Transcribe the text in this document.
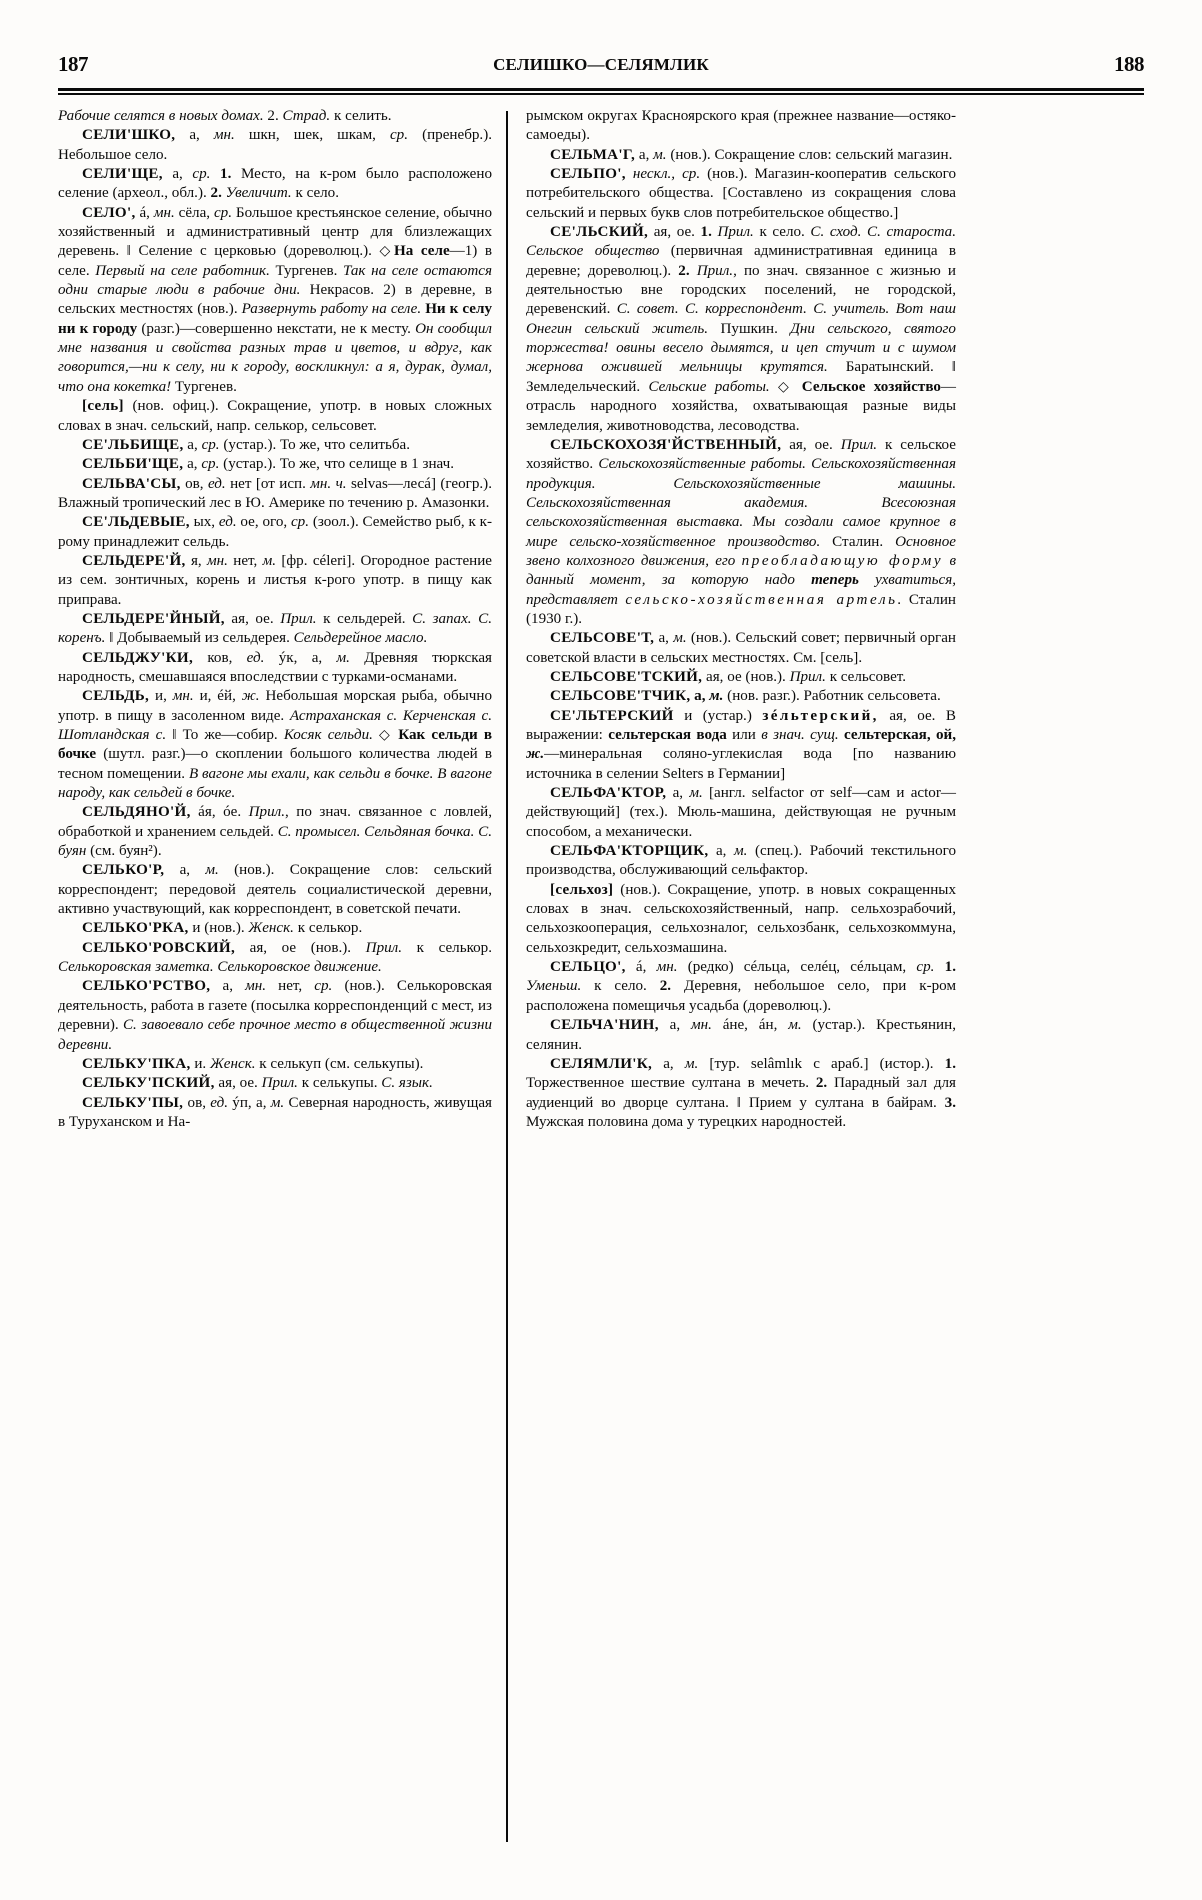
187	СЕЛИШКО—СЕЛЯМЛИК	188

Рабочие селятся в новых домах. 2. Страд. к селить.

СЕЛИ'ШКО, а, мн. шкн, шек, шкам, ср. (пренебр.). Небольшое село.

СЕЛИ'ЩЕ, а, ср. 1. Место, на к-ром было расположено селение (археол., обл.). 2. Увеличит. к село.

СЕЛО', á, мн. сёла, ср. Большое крестьянское селение, обычно хозяйственный и административный центр для близлежащих деревень. ‖ Селение с церковью (дореволюц.). ◇На селе—1) в селе. Первый на селе работник. Тургенев. Так на селе остаются одни старые люди в рабочие дни. Некрасов. 2) в деревне, в сельских местностях (нов.). Развернуть работу на селе. Ни к селу ни к городу (разг.)—совершенно некстати, не к месту. Он сообщил мне названия и свойства разных трав и цветов, и вдруг, как говорится,—ни к селу, ни к городу, воскликнул: а я, дурак, думал, что она кокетка! Тургенев.

[сель] (нов. офиц.). Сокращение, употр. в новых сложных словах в знач. сельский, напр. селькор, сельсовет.

СЕ'ЛЬБИЩЕ, а, ср. (устар.). То же, что селитьба.

СЕЛЬБИ'ЩЕ, а, ср. (устар.). То же, что селище в 1 знач.

СЕЛЬВА'СЫ, ов, ед. нет [от исп. мн. ч. selvas—лесá] (геогр.). Влажный тропический лес в Ю. Америке по течению р. Амазонки.

СЕ'ЛЬДЕВЫЕ, ых, ед. ое, ого, ср. (зоол.). Семейство рыб, к к-рому принадлежит сельдь.

СЕЛЬДЕРЕ'Й, я, мн. нет, м. [фр. céleri]. Огородное растение из сем. зонтичных, корень и листья к-рого употр. в пищу как приправа.

СЕЛЬДЕРЕ'ЙНЫЙ, ая, ое. Прил. к сельдерей. С. запах. С. коренъ. ‖ Добываемый из сельдерея. Сельдерейное масло.

СЕЛЬДЖУ'КИ, ков, ед. ýк, а, м. Древняя тюркская народность, смешавшаяся впоследствии с турками-османами.

СЕЛЬДЬ, и, мн. и, éй, ж. Небольшая морская рыба, обычно употр. в пищу в засоленном виде. Астраханская с. Керченская с. Шотландская с. ‖ То же—собир. Косяк сельди. ◇ Как сельди в бочке (шутл. разг.)—о скоплении большого количества людей в тесном помещении. В вагоне мы ехали, как сельди в бочке. В вагоне народу, как сельдей в бочке.

СЕЛЬДЯНО'Й, áя, óе. Прил., по знач. связанное с ловлей, обработкой и хранением сельдей. С. промысел. Сельдяная бочка. С. буян (см. буян²).

СЕЛЬКО'Р, а, м. (нов.). Сокращение слов: сельский корреспондент; передовой деятель социалистической деревни, активно участвующий, как корреспондент, в советской печати.

СЕЛЬКО'РКА, и (нов.). Женск. к селькор.

СЕЛЬКО'РОВСКИЙ, ая, ое (нов.). Прил. к селькор. Селькоровская заметка. Селькоровское движение.

СЕЛЬКО'РСТВО, а, мн. нет, ср. (нов.). Селькоровская деятельность, работа в газете (посылка корреспонденций с мест, из деревни). С. завоевало себе прочное место в общественной жизни деревни.

СЕЛЬКУ'ПКА, и. Женск. к селькуп (см. селькупы).

СЕЛЬКУ'ПСКИЙ, ая, ое. Прил. к селькупы. С. язык.

СЕЛЬКУ'ПЫ, ов, ед. ýп, а, м. Северная народность, живущая в Туруханском и На-

рымском округах Красноярского края (прежнее название—остяко-самоеды).

СЕЛЬМА'Г, а, м. (нов.). Сокращение слов: сельский магазин.

СЕЛЬПО', нескл., ср. (нов.). Магазин-кооператив сельского потребительского общества. [Составлено из сокращения слова сельский и первых букв слов потребительское общество.]

СЕ'ЛЬСКИЙ, ая, ое. 1. Прил. к село. С. сход. С. староста. Сельское общество (первичная административная единица в деревне; дореволюц.). 2. Прил., по знач. связанное с жизнью и деятельностью вне городских поселений, не городской, деревенский. С. совет. С. корреспондент. С. учитель. Вот наш Онегин сельский житель. Пушкин. Дни сельского, святого торжества! овины весело дымятся, и цеп стучит и с шумом жернова ожившей мельницы крутятся. Баратынский. ‖ Земледельческий. Сельские работы. ◇ Сельское хозяйство—отрасль народного хозяйства, охватывающая разные виды земледелия, животноводства, лесоводства.

СЕЛЬСКОХОЗЯ'ЙСТВЕННЫЙ, ая, ое. Прил. к сельское хозяйство. Сельскохозяйственные работы. Сельскохозяйственная продукция. Сельскохозяйственные машины. Сельскохозяйственная академия. Всесоюзная сельскохозяйственная выставка. Мы создали самое крупное в мире сельско-хозяйственное производство. Сталин. Основное звено колхозного движения, его преобладающую форму в данный момент, за которую надо теперь ухватиться, представляет сельско-хозяйственная артель. Сталин (1930 г.).

СЕЛЬСОВЕ'Т, а, м. (нов.). Сельский совет; первичный орган советской власти в сельских местностях. См. [сель].

СЕЛЬСОВЕ'ТСКИЙ, ая, ое (нов.). Прил. к сельсовет.

СЕЛЬСОВЕ'ТЧИК, а, м. (нов. разг.). Работник сельсовета.

СЕ'ЛЬТЕРСКИЙ и (устар.) зéльтерский, ая, ое. В выражении: сельтерская вода или в знач. сущ. сельтерская, ой, ж.—минеральная соляно-углекислая вода [по названию источника в селении Selters в Германии]

СЕЛЬФА'КТОР, а, м. [англ. selfactor от self—сам и actor—действующий] (тех.). Мюль-машина, действующая не ручным способом, а механически.

СЕЛЬФА'КТОРЩИК, а, м. (спец.). Рабочий текстильного производства, обслуживающий сельфактор.

[сельхоз] (нов.). Сокращение, употр. в новых сокращенных словах в знач. сельскохозяйственный, напр. сельхозрабочий, сельхозкооперация, сельхозналог, сельхозбанк, сельхозкоммуна, сельхозкредит, сельхозмашина.

СЕЛЬЦО', á, мн. (редко) сéльца, селéц, сéльцам, ср. 1. Уменьш. к село. 2. Деревня, небольшое село, при к-ром расположена помещичья усадьба (дореволюц.).

СЕЛЬЧА'НИН, а, мн. áне, áн, м. (устар.). Крестьянин, селянин.

СЕЛЯМЛИ'К, а, м. [тур. selâmlık с араб.] (истор.). 1. Торжественное шествие султана в мечеть. 2. Парадный зал для аудиенций во дворце султана. ‖ Прием у султана в байрам. 3. Мужская половина дома у турецких народностей.
